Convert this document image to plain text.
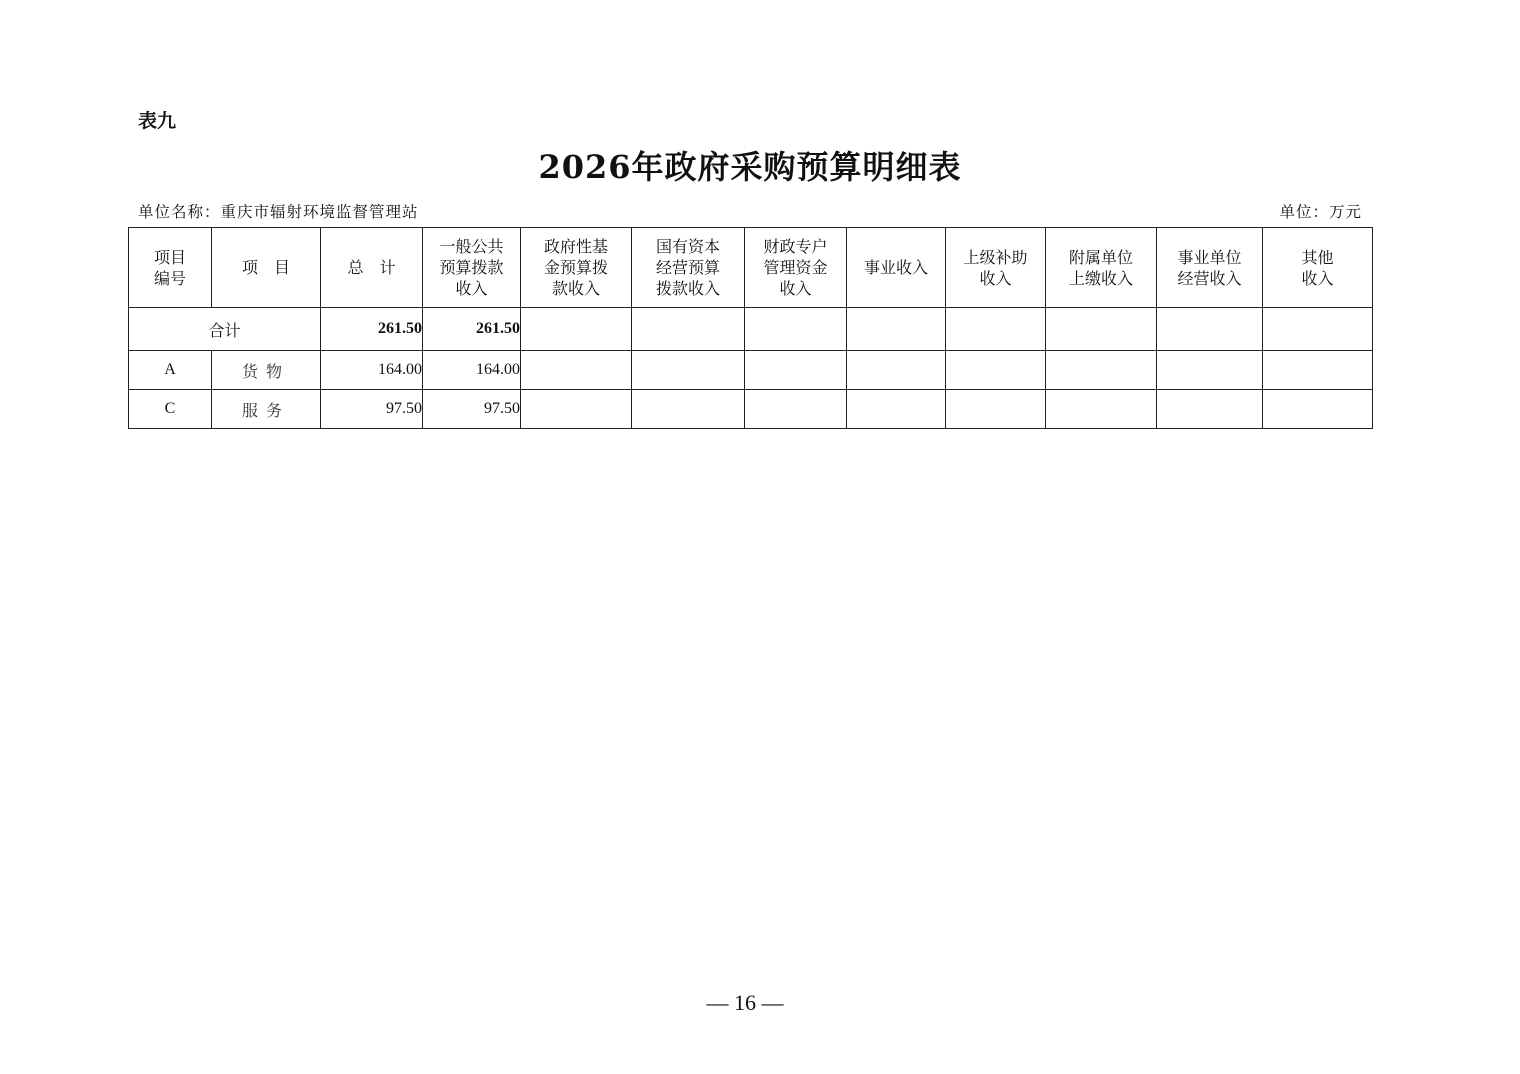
表九
2026年政府采购预算明细表
单位名称：重庆市辐射环境监督管理站	单位：万元
项目编号	项　目	总　计	一般公共预算拨款收入	政府性基金预算拨款收入	国有资本经营预算拨款收入	财政专户管理资金收入	事业收入	上级补助收入	附属单位上缴收入	事业单位经营收入	其他收入

合计		261.50	261.50								
A	货物	164.00	164.00								
C	服务	97.50	97.50								
— 16 —
